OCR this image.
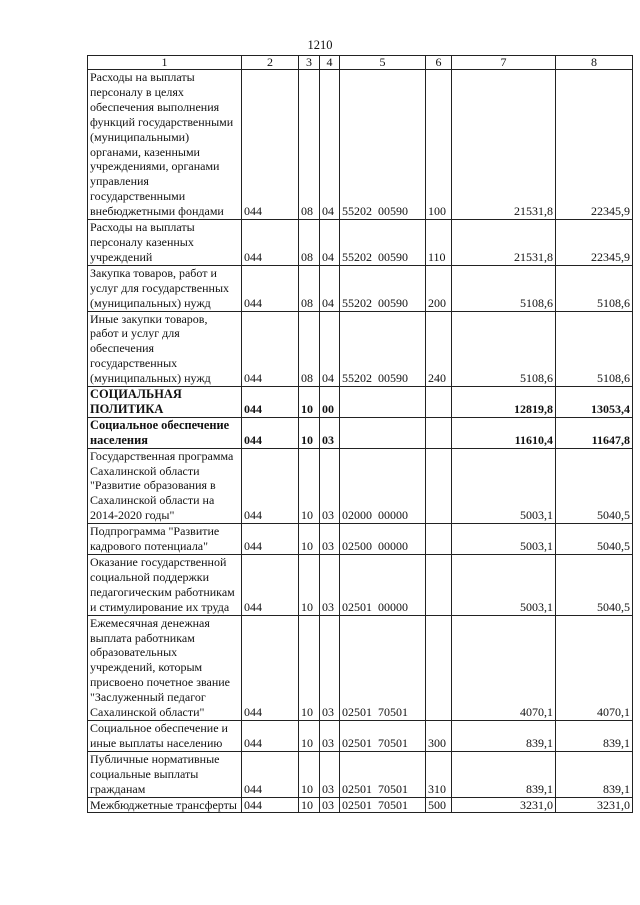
1210
1	2	3	4	5	6	7	8
Расходы на выплаты персоналу в целях обеспечения выполнения функций государственными (муниципальными) органами, казенными учреждениями, органами управления государственными внебюджетными фондами	044	08	04	55202  00590	100	21531,8	22345,9
Расходы на выплаты персоналу казенных учреждений	044	08	04	55202  00590	110	21531,8	22345,9
Закупка товаров, работ и услуг для государственных (муниципальных) нужд	044	08	04	55202  00590	200	5108,6	5108,6
Иные закупки товаров, работ и услуг для обеспечения государственных (муниципальных) нужд	044	08	04	55202  00590	240	5108,6	5108,6
СОЦИАЛЬНАЯ ПОЛИТИКА	044	10	00			12819,8	13053,4
Социальное обеспечение населения	044	10	03			11610,4	11647,8
Государственная программа Сахалинской области "Развитие образования в Сахалинской области на 2014-2020 годы"	044	10	03	02000  00000		5003,1	5040,5
Подпрограмма "Развитие кадрового потенциала"	044	10	03	02500  00000		5003,1	5040,5
Оказание государственной социальной поддержки педагогическим работникам и стимулирование их труда	044	10	03	02501  00000		5003,1	5040,5
Ежемесячная денежная выплата работникам образовательных учреждений, которым присвоено почетное звание "Заслуженный педагог Сахалинской области"	044	10	03	02501  70501		4070,1	4070,1
Социальное обеспечение и иные выплаты населению	044	10	03	02501  70501	300	839,1	839,1
Публичные нормативные социальные выплаты гражданам	044	10	03	02501  70501	310	839,1	839,1
Межбюджетные трансферты	044	10	03	02501  70501	500	3231,0	3231,0
